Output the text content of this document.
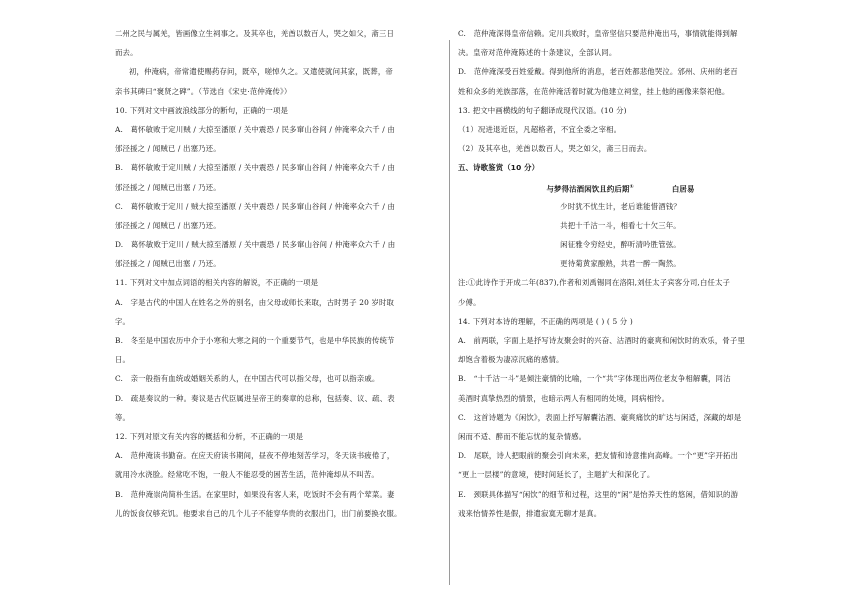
二州之民与属羌，皆画像立生祠事之。及其卒也，羌酋以数百人，哭之如父，斋三日
而去。
初，仲淹病，帝常遣使赐药存问，既卒，嗟悼久之。又遣使就问其家，既葬，帝
亲书其碑曰“褒贤之碑”。（节选自《宋史·范仲淹传》）
10. 下列对文中画波浪线部分的断句，正确的一项是
A.　葛怀敏败于定川贼 / 大掠至潘原 / 关中震恐 / 民多窜山谷间 / 仲淹率众六千 / 由
邠泾援之 / 闻贼已 / 出塞乃还。
B.　葛怀敏败于定川贼 / 大掠至潘原 / 关中震恐 / 民多窜山谷间 / 仲淹率众六千 / 由
邠泾援之 / 闻贼已出塞 / 乃还。
C.　葛怀敏败于定川 / 贼大掠至潘原 / 关中震恐 / 民多窜山谷间 / 仲淹率众六千 / 由
邠泾援之 / 闻贼已 / 出塞乃还。
D.　葛怀敏败于定川 / 贼大掠至潘原 / 关中震恐 / 民多窜山谷间 / 仲淹率众六千 / 由
邠泾援之 / 闻贼已出塞 / 乃还。
11. 下列对文中加点词语的相关内容的解说，不正确的一项是
A.　字是古代的中国人在姓名之外的别名，由父母或师长来取，古时男子 20 岁时取
字。
B.　冬至是中国农历中介于小寒和大寒之间的一个重要节气，也是中华民族的传统节
日。
C.　亲一般指有血统或婚姻关系的人，在中国古代可以指父母，也可以指亲戚。
D.　疏是奏议的一种。奏议是古代臣属进呈帝王的奏章的总称，包括奏、议、疏、表
等。
12. 下列对原文有关内容的概括和分析，不正确的一项是
A.　范仲淹读书勤奋。在应天府读书期间，昼夜不停地刻苦学习，冬天读书疲倦了，
就用冷水浇脸。经常吃不饱，一般人不能忍受的困苦生活，范仲淹却从不叫苦。
B.　范仲淹崇尚简朴生活。在家里时，如果没有客人来，吃饭时不会有两个荤菜。妻
儿的饭食仅够充饥。他要求自己的几个儿子不能穿华贵的衣服出门，出门前要换衣服。
C.　范仲淹深得皇帝信赖。定川兵败时，皇帝坚信只要范仲淹出马，事情就能得到解
决。皇帝对范仲淹陈述的十条建议，全部认同。
D.　范仲淹深受百姓爱戴。得到他所的消息，老百姓都悲他哭泣。邠州、庆州的老百
姓和众多的羌族部落，在范仲淹活着时就为他建立祠堂，挂上他的画像来祭祀他。
13. 把文中画横线的句子翻译成现代汉语。(10 分)
（1）况进退近臣，凡超格者，不宜全委之宰相。
（2）及其卒也，羌酋以数百人，哭之如父，斋三日而去。
五、诗歌鉴赏（10 分）
与梦得沽酒闲饮且约后期①	白居易
少时犹不忧生计，老后谁能惜酒钱？
共把十千沽一斗，相看七十欠三年。
闲征雅令穷经史，醉听清吟胜管弦。
更待菊黄家酿熟，共君一醉一陶然。
注:①此诗作于开成二年(837),作者和刘禹锡同在洛阳,刘任太子宾客分司,白任太子
少傅。
14. 下列对本诗的理解，不正确的两项是 ( ) ( 5 分 )
A.　前两联，字面上是抒写诗友聚会时的兴奋、沽酒时的豪爽和闲饮时的欢乐，骨子里
却饱含着极为凄凉沉痛的感情。
B.　“十千沽一斗”是倾注豪情的比喻，一个“共”字体现出两位老友争相解囊，同沽
美酒时真挚热烈的情景，也暗示两人有相同的处境，同病相怜。
C.　这首诗题为《闲饮》，表面上抒写解囊沽酒、豪爽痛饮的旷达与闲适，深藏的却是
闲而不适、醉而不能忘忧的复杂情感。
D.　尾联，诗人把眼前的聚会引向未来，把友情和诗意推向高峰。一个“更”字开拓出
“更上一层楼”的意境，使时间延长了，主题扩大和深化了。
E.　颈联具体描写“闲饮”的细节和过程，这里的“闲”是怡养天性的悠闲，借知识的游
戏来怡情养性是假，排遣寂寞无聊才是真。
